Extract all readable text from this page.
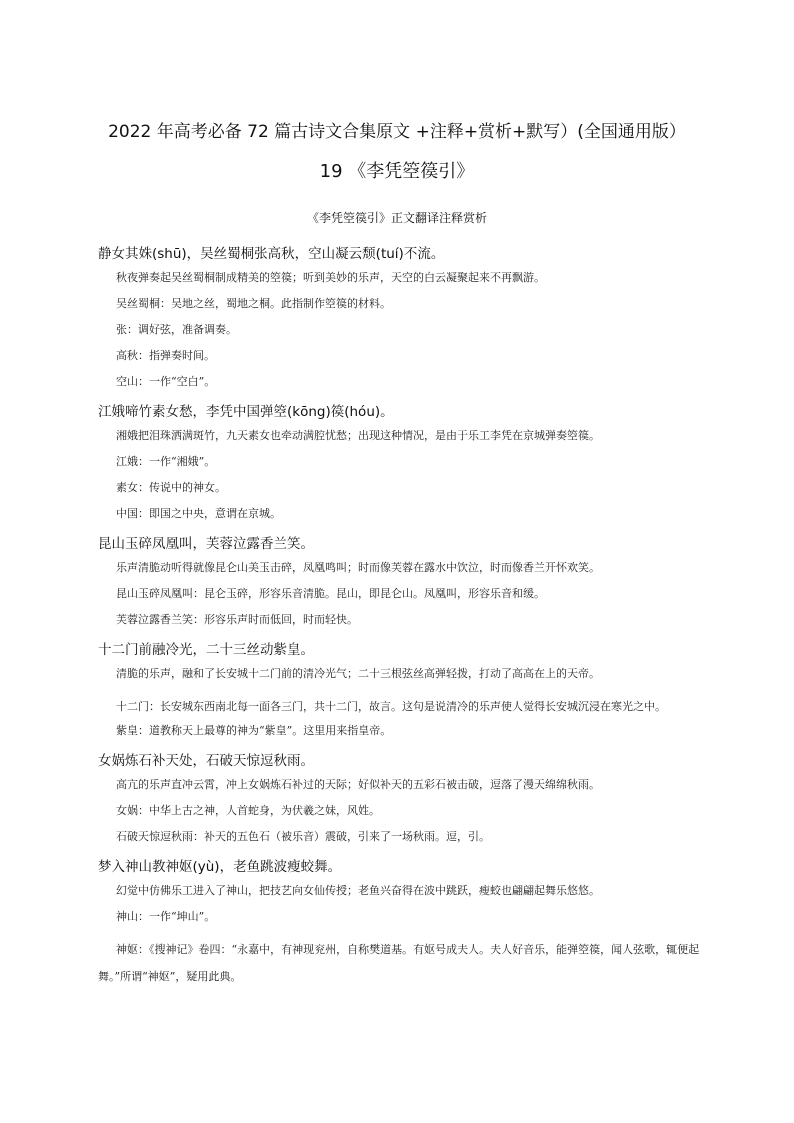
2022 年高考必备 72 篇古诗文合集原文 +注释+赏析+默写）(全国通用版）
19 《李凭箜篌引》
《李凭箜篌引》正文翻译注释赏析

静女其姝(shū)，吴丝蜀桐张高秋，空山凝云颓(tuí)不流。

秋夜弹奏起吴丝蜀桐制成精美的箜篌；听到美妙的乐声，天空的白云凝聚起来不再飘游。

吴丝蜀桐：吴地之丝，蜀地之桐。此指制作箜篌的材料。

张：调好弦，准备调奏。

高秋：指弹奏时间。

空山：一作“空白”。

江娥啼竹素女愁，李凭中国弹箜(kōng)篌(hóu)。

湘娥把泪珠洒满斑竹，九天素女也牵动满腔忧愁；出现这种情况，是由于乐工李凭在京城弹奏箜篌。

江娥：一作“湘娥”。

素女：传说中的神女。

中国：即国之中央，意谓在京城。

昆山玉碎凤凰叫，芙蓉泣露香兰笑。

乐声清脆动听得就像昆仑山美玉击碎，凤凰鸣叫；时而像芙蓉在露水中饮泣，时而像香兰开怀欢笑。

昆山玉碎凤凰叫：昆仑玉碎，形容乐音清脆。昆山，即昆仑山。凤凰叫，形容乐音和缓。

芙蓉泣露香兰笑：形容乐声时而低回，时而轻快。

十二门前融冷光，二十三丝动紫皇。

清脆的乐声，融和了长安城十二门前的清冷光气；二十三根弦丝高弹轻拨，打动了高高在上的天帝。

十二门：长安城东西南北每一面各三门，共十二门，故言。这句是说清冷的乐声使人觉得长安城沉浸在寒光之中。

紫皇：道教称天上最尊的神为“紫皇”。这里用来指皇帝。

女娲炼石补天处，石破天惊逗秋雨。

高亢的乐声直冲云霄，冲上女娲炼石补过的天际；好似补天的五彩石被击破，逗落了漫天绵绵秋雨。

女娲：中华上古之神，人首蛇身，为伏羲之妹，风姓。

石破天惊逗秋雨：补天的五色石（被乐音）震破，引来了一场秋雨。逗，引。

梦入神山教神妪(yù)，老鱼跳波瘦蛟舞。

幻觉中仿佛乐工进入了神山，把技艺向女仙传授；老鱼兴奋得在波中跳跃，瘦蛟也翩翩起舞乐悠悠。

神山：一作“坤山”。

神妪：《搜神记》卷四：“永嘉中，有神现兖州，自称樊道基。有妪号成夫人。夫人好音乐，能弹箜篌，闻人弦歌，辄便起舞。”所谓“神妪”，疑用此典。
